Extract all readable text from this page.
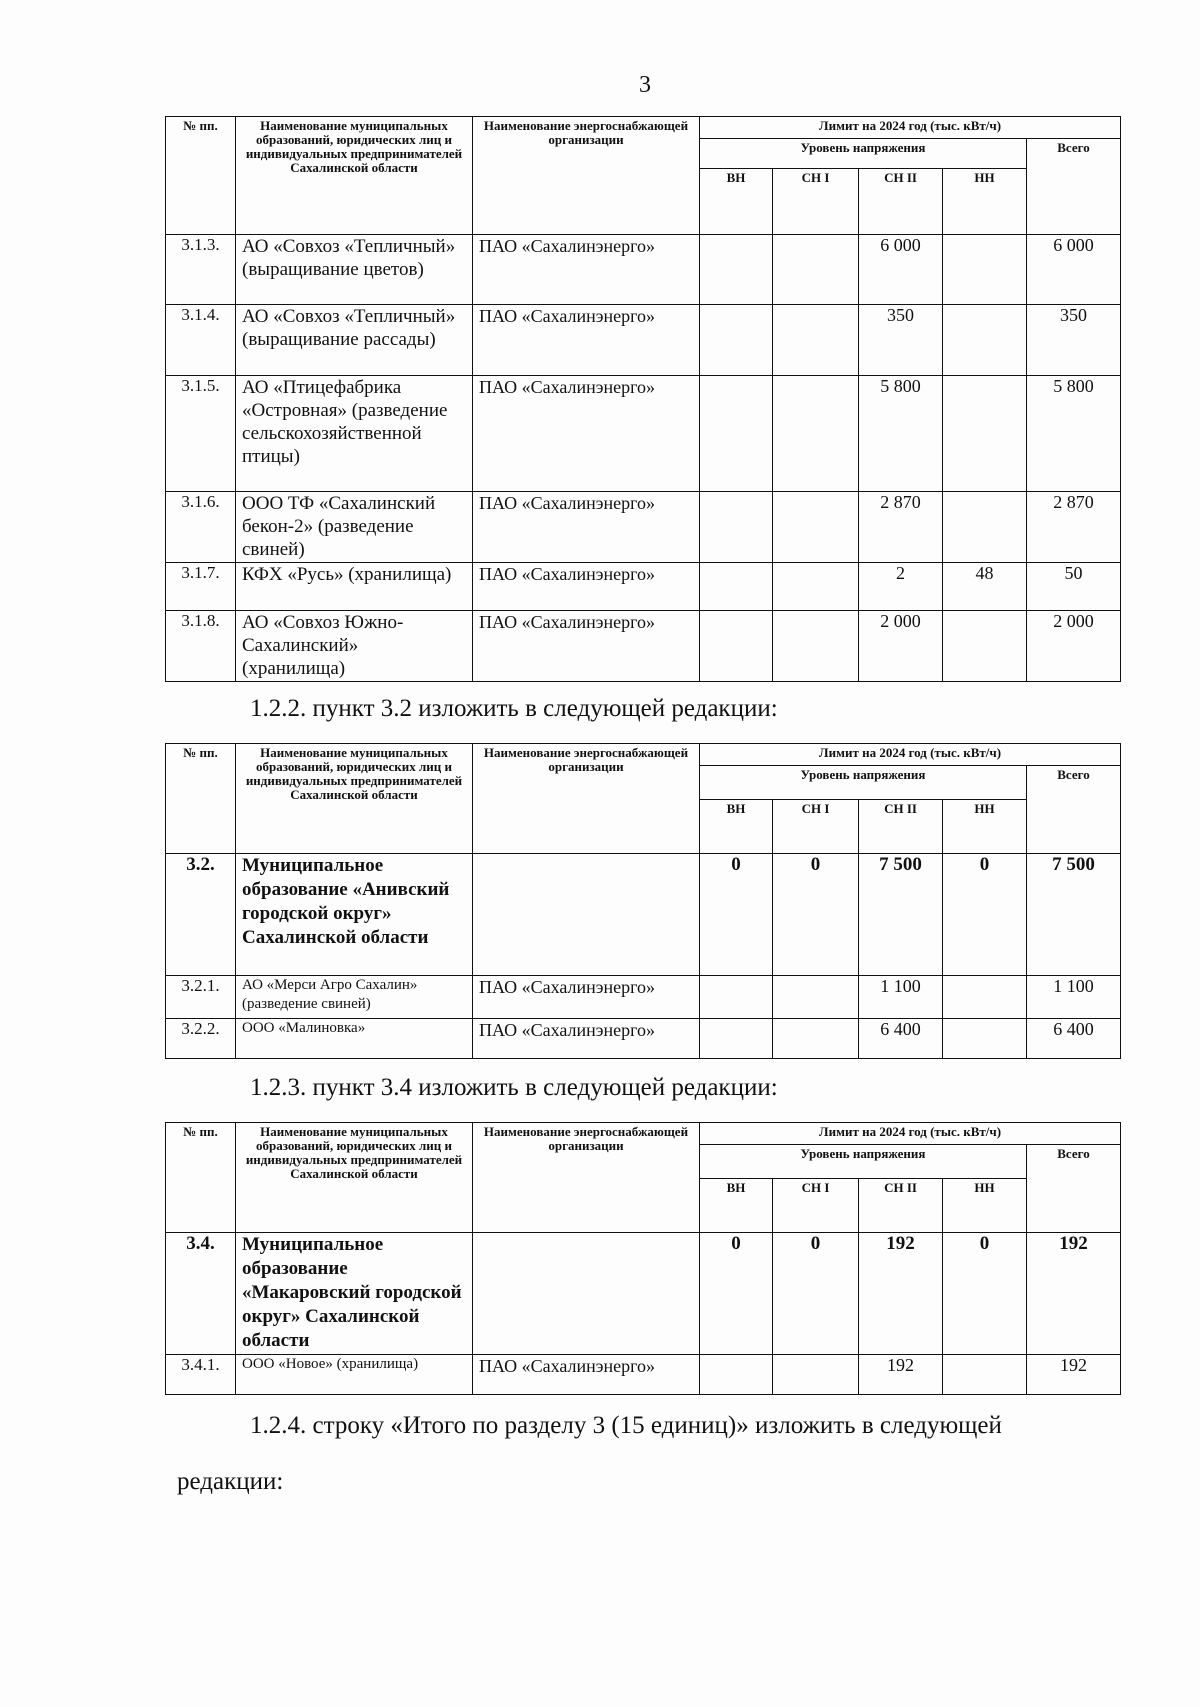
3
№ пп.	Наименование муниципальных образований, юридических лиц и индивидуальных предпринимателей Сахалинской области	Наименование энергоснабжающей организации	Лимит на 2024 год (тыс. кВт/ч)				
			Уровень напряжения				Всего
			ВН	СН I	СН II	НН	
3.1.3.	АО «Совхоз «Тепличный» (выращивание цветов)	ПАО «Сахалинэнерго»			6 000		6 000
3.1.4.	АО «Совхоз «Тепличный» (выращивание рассады)	ПАО «Сахалинэнерго»			350		350
3.1.5.	АО «Птицефабрика «Островная» (разведение сельскохозяйственной птицы)	ПАО «Сахалинэнерго»			5 800		5 800
3.1.6.	ООО ТФ «Сахалинский бекон-2» (разведение свиней)	ПАО «Сахалинэнерго»			2 870		2 870
3.1.7.	КФХ «Русь» (хранилища)	ПАО «Сахалинэнерго»			2	48	50
3.1.8.	АО «Совхоз Южно-Сахалинский» (хранилища)	ПАО «Сахалинэнерго»			2 000		2 000
1.2.2. пункт 3.2 изложить в следующей редакции:
№ пп.	Наименование муниципальных образований, юридических лиц и индивидуальных предпринимателей Сахалинской области	Наименование энергоснабжающей организации	Лимит на 2024 год (тыс. кВт/ч)				
			Уровень напряжения				Всего
			ВН	СН I	СН II	НН	
3.2.	Муниципальное образование «Анивский городской округ» Сахалинской области		0	0	7 500	0	7 500
3.2.1.	АО «Мерси Агро Сахалин» (разведение свиней)	ПАО «Сахалинэнерго»			1 100		1 100
3.2.2.	ООО «Малиновка»	ПАО «Сахалинэнерго»			6 400		6 400
1.2.3. пункт 3.4 изложить в следующей редакции:
№ пп.	Наименование муниципальных образований, юридических лиц и индивидуальных предпринимателей Сахалинской области	Наименование энергоснабжающей организации	Лимит на 2024 год (тыс. кВт/ч)				
			Уровень напряжения				Всего
			ВН	СН I	СН II	НН	
3.4.	Муниципальное образование «Макаровский городской округ» Сахалинской области		0	0	192	0	192
3.4.1.	ООО «Новое» (хранилища)	ПАО «Сахалинэнерго»			192		192
1.2.4. строку «Итого по разделу 3 (15 единиц)» изложить в следующей
редакции:
